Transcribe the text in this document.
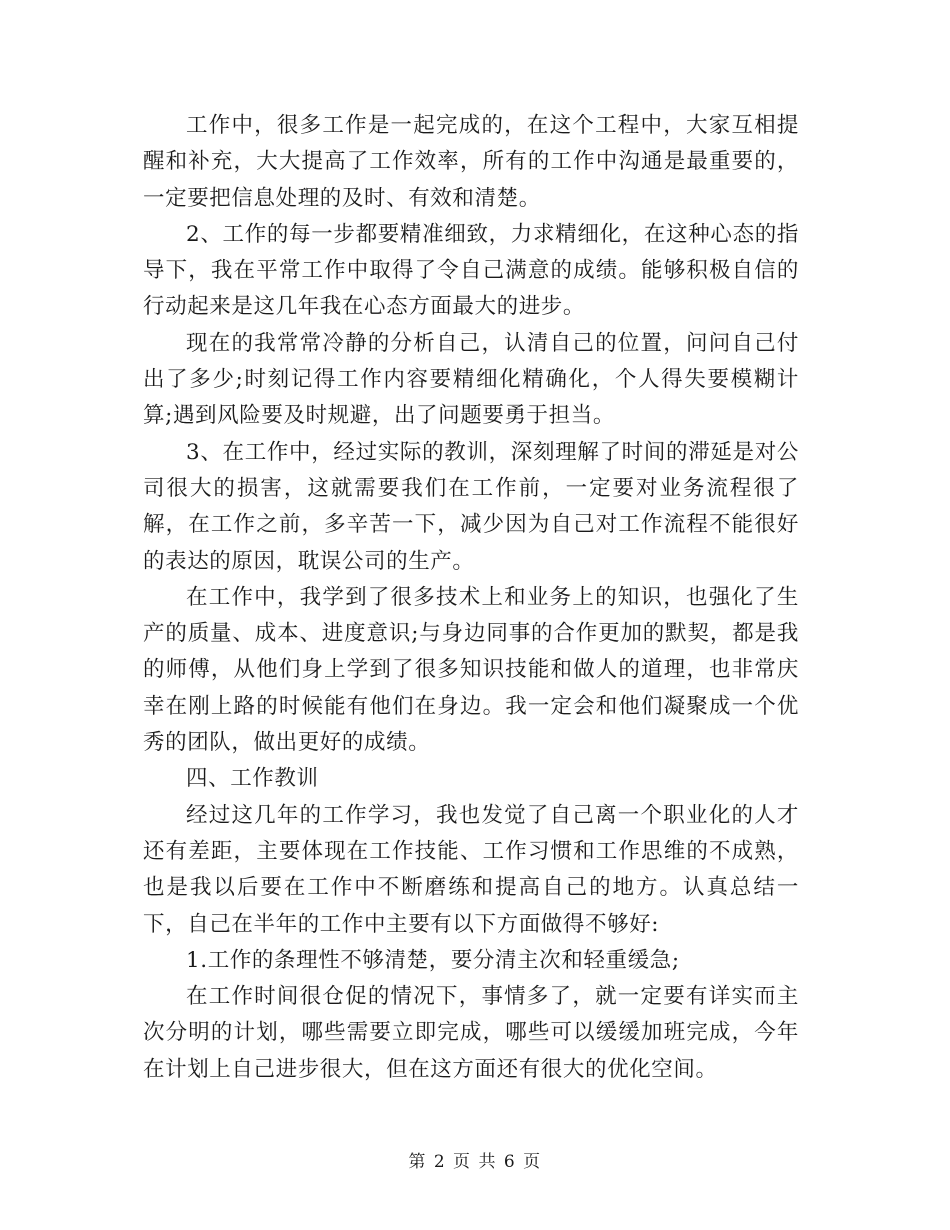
工作中，很多工作是一起完成的，在这个工程中，大家互相提醒和补充，大大提高了工作效率，所有的工作中沟通是最重要的，一定要把信息处理的及时、有效和清楚。

2、工作的每一步都要精准细致，力求精细化，在这种心态的指导下，我在平常工作中取得了令自己满意的成绩。能够积极自信的行动起来是这几年我在心态方面最大的进步。

现在的我常常冷静的分析自己，认清自己的位置，问问自己付出了多少;时刻记得工作内容要精细化精确化，个人得失要模糊计算;遇到风险要及时规避，出了问题要勇于担当。

3、在工作中，经过实际的教训，深刻理解了时间的滞延是对公司很大的损害，这就需要我们在工作前，一定要对业务流程很了解，在工作之前，多辛苦一下，减少因为自己对工作流程不能很好的表达的原因，耽误公司的生产。

在工作中，我学到了很多技术上和业务上的知识，也强化了生产的质量、成本、进度意识;与身边同事的合作更加的默契，都是我的师傅，从他们身上学到了很多知识技能和做人的道理，也非常庆幸在刚上路的时候能有他们在身边。我一定会和他们凝聚成一个优秀的团队，做出更好的成绩。

四、工作教训

经过这几年的工作学习，我也发觉了自己离一个职业化的人才还有差距，主要体现在工作技能、工作习惯和工作思维的不成熟，也是我以后要在工作中不断磨练和提高自己的地方。认真总结一下，自己在半年的工作中主要有以下方面做得不够好:

1.工作的条理性不够清楚，要分清主次和轻重缓急;

在工作时间很仓促的情况下，事情多了，就一定要有详实而主次分明的计划，哪些需要立即完成，哪些可以缓缓加班完成，今年在计划上自己进步很大，但在这方面还有很大的优化空间。

第 2 页 共 6 页
